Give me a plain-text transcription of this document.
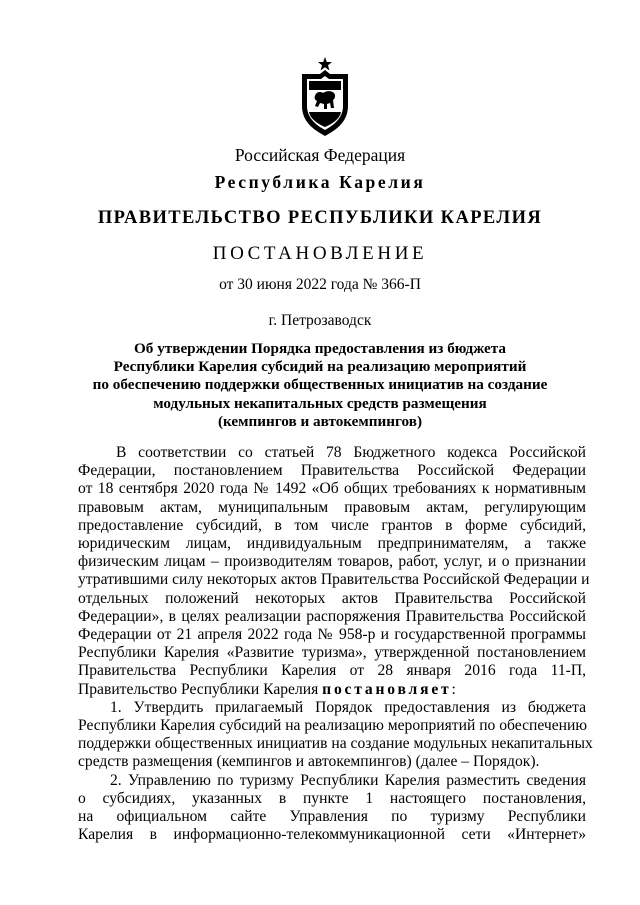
Российская Федерация
Республика Карелия
ПРАВИТЕЛЬСТВО РЕСПУБЛИКИ КАРЕЛИЯ
ПОСТАНОВЛЕНИЕ
от 30 июня 2022 года № 366-П
г. Петрозаводск
Об утверждении Порядка предоставления из бюджета
Республики Карелия субсидий на реализацию мероприятий
по обеспечению поддержки общественных инициатив на создание
модульных некапитальных средств размещения
(кемпингов и автокемпингов)
В соответствии со статьей 78 Бюджетного кодекса Российской
Федерации, постановлением Правительства Российской Федерации
от 18 сентября 2020 года № 1492 «Об общих требованиях к нормативным
правовым актам, муниципальным правовым актам, регулирующим
предоставление субсидий, в том числе грантов в форме субсидий,
юридическим лицам, индивидуальным предпринимателям, а также
физическим лицам – производителям товаров, работ, услуг, и о признании
утратившими силу некоторых актов Правительства Российской Федерации и
отдельных положений некоторых актов Правительства Российской
Федерации», в целях реализации распоряжения Правительства Российской
Федерации от 21 апреля 2022 года № 958-р и государственной программы
Республики Карелия «Развитие туризма», утвержденной постановлением
Правительства Республики Карелия от 28 января 2016 года 11-П,
Правительство Республики Карелия постановляет:
1. Утвердить прилагаемый Порядок предоставления из бюджета
Республики Карелия субсидий на реализацию мероприятий по обеспечению
поддержки общественных инициатив на создание модульных некапитальных
средств размещения (кемпингов и автокемпингов) (далее – Порядок).
2. Управлению по туризму Республики Карелия разместить сведения
о субсидиях, указанных в пункте 1 настоящего постановления,
на официальном сайте Управления по туризму Республики
Карелия в информационно-телекоммуникационной сети «Интернет»
